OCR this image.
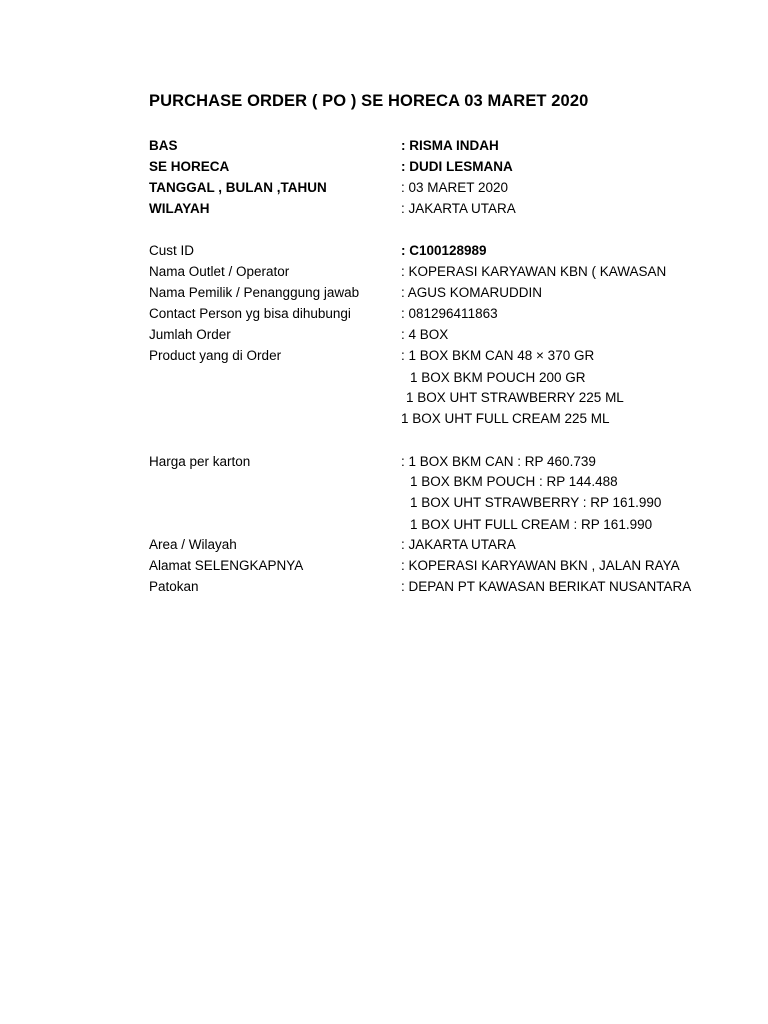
PURCHASE ORDER ( PO ) SE HORECA 03 MARET 2020
BAS	: RISMA INDAH
SE HORECA	: DUDI LESMANA
TANGGAL , BULAN ,TAHUN	: 03 MARET 2020
WILAYAH	: JAKARTA UTARA
Cust ID	: C100128989
Nama Outlet / Operator	: KOPERASI KARYAWAN KBN ( KAWASAN
Nama Pemilik / Penanggung jawab	: AGUS KOMARUDDIN
Contact Person yg bisa dihubungi	: 081296411863
Jumlah Order	: 4 BOX
Product yang di Order	: 1 BOX BKM CAN 48 × 370 GR
1 BOX BKM POUCH 200 GR
1 BOX UHT STRAWBERRY 225 ML
1 BOX UHT FULL CREAM 225 ML
Harga per karton	: 1 BOX BKM CAN : RP 460.739
1 BOX BKM POUCH : RP 144.488
1 BOX UHT STRAWBERRY : RP 161.990
1 BOX UHT FULL CREAM : RP 161.990
Area / Wilayah	: JAKARTA UTARA
Alamat SELENGKAPNYA	: KOPERASI KARYAWAN BKN , JALAN RAYA
Patokan	: DEPAN PT KAWASAN BERIKAT NUSANTARA
